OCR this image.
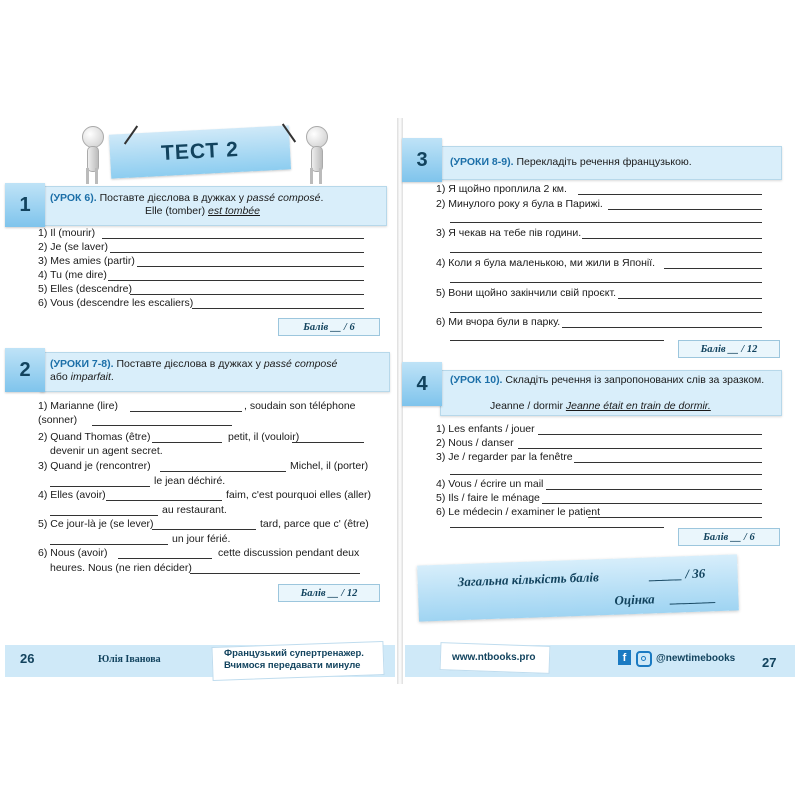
ТЕСТ 2
1	(УРОК 6). Поставте дієслова в дужках у passé composé.
Elle (tomber) est tombée
1) Il (mourir)
2) Je (se laver)
3) Mes amies (partir)
4) Tu (me dire)
5) Elles (descendre)
6) Vous (descendre les escaliers)
Балів __ / 6
2	(УРОКИ 7-8). Поставте дієслова в дужках у passé composé
або imparfait.
1) Marianne (lire)	, soudain son téléphone
(sonner)
2) Quand Thomas (être)	petit, il (vouloir)
devenir un agent secret.
3) Quand je (rencontrer)	Michel, il (porter)
le jean déchiré.
4) Elles (avoir)	faim, c'est pourquoi elles (aller)
au restaurant.
5) Ce jour-là je (se lever)	tard, parce que c' (être)
un jour férié.
6) Nous (avoir)	cette discussion pendant deux
heures. Nous (ne rien décider)
Балів __ / 12
3	(УРОКИ 8-9). Перекладіть речення французькою.
1) Я щойно проплила 2 км.
2) Минулого року я була в Парижі.
3) Я чекав на тебе пів години.
4) Коли я була маленькою, ми жили в Японії.
5) Вони щойно закінчили свій проєкт.
6) Ми вчора були в парку.
Балів __ / 12
4	(УРОК 10). Складіть речення із запропонованих слів за зразком.
Jeanne / dormir Jeanne était en train de dormir.
1) Les enfants / jouer
2) Nous / danser
3) Je / regarder par la fenêtre
4) Vous / écrire un mail
5) Ils / faire le ménage
6) Le médecin / examiner le patient
Балів __ / 6
Загальна кількість балів	_____ / 36
Оцінка _______
26	Юлія Іванова
Французький супертренажер.
Вчимося передавати минуле
www.ntbooks.pro	f	@newtimebooks 27
